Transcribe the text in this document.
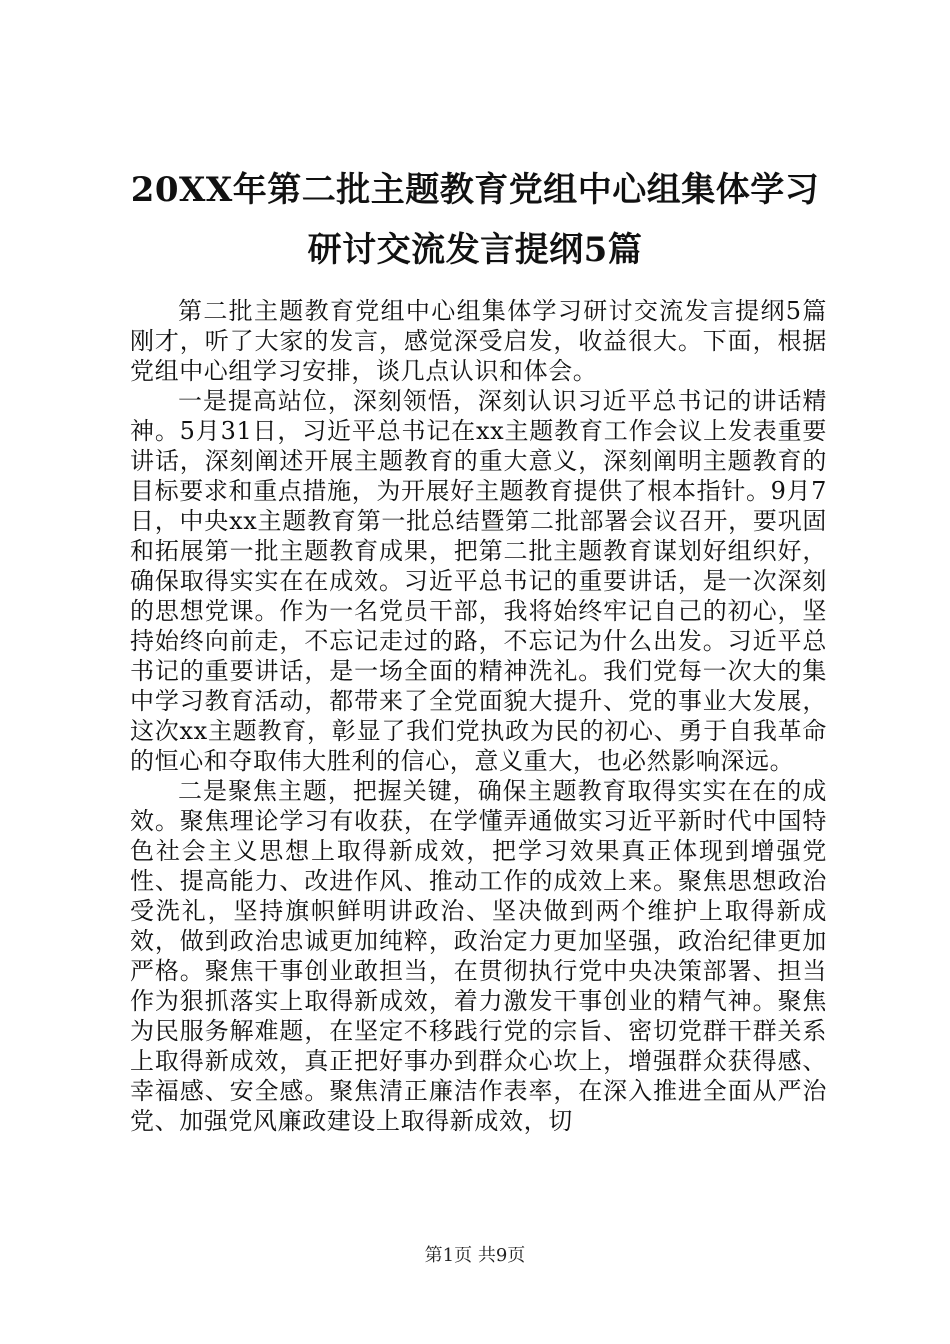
20XX年第二批主题教育党组中心组集体学习
研讨交流发言提纲5篇

第二批主题教育党组中心组集体学习研讨交流发言提纲5篇刚才，听了大家的发言，感觉深受启发，收益很大。下面，根据党组中心组学习安排，谈几点认识和体会。

一是提高站位，深刻领悟，深刻认识习近平总书记的讲话精神。5月31日，习近平总书记在xx主题教育工作会议上发表重要讲话，深刻阐述开展主题教育的重大意义，深刻阐明主题教育的目标要求和重点措施，为开展好主题教育提供了根本指针。9月7日，中央xx主题教育第一批总结暨第二批部署会议召开，要巩固和拓展第一批主题教育成果，把第二批主题教育谋划好组织好，确保取得实实在在成效。习近平总书记的重要讲话，是一次深刻的思想党课。作为一名党员干部，我将始终牢记自己的初心，坚持始终向前走，不忘记走过的路，不忘记为什么出发。习近平总书记的重要讲话，是一场全面的精神洗礼。我们党每一次大的集中学习教育活动，都带来了全党面貌大提升、党的事业大发展，这次xx主题教育，彰显了我们党执政为民的初心、勇于自我革命的恒心和夺取伟大胜利的信心，意义重大，也必然影响深远。

二是聚焦主题，把握关键，确保主题教育取得实实在在的成效。聚焦理论学习有收获，在学懂弄通做实习近平新时代中国特色社会主义思想上取得新成效，把学习效果真正体现到增强党性、提高能力、改进作风、推动工作的成效上来。聚焦思想政治受洗礼，坚持旗帜鲜明讲政治、坚决做到两个维护上取得新成效，做到政治忠诚更加纯粹，政治定力更加坚强，政治纪律更加严格。聚焦干事创业敢担当，在贯彻执行党中央决策部署、担当作为狠抓落实上取得新成效，着力激发干事创业的精气神。聚焦为民服务解难题，在坚定不移践行党的宗旨、密切党群干群关系上取得新成效，真正把好事办到群众心坎上，增强群众获得感、幸福感、安全感。聚焦清正廉洁作表率，在深入推进全面从严治党、加强党风廉政建设上取得新成效，切

第1页 共9页
